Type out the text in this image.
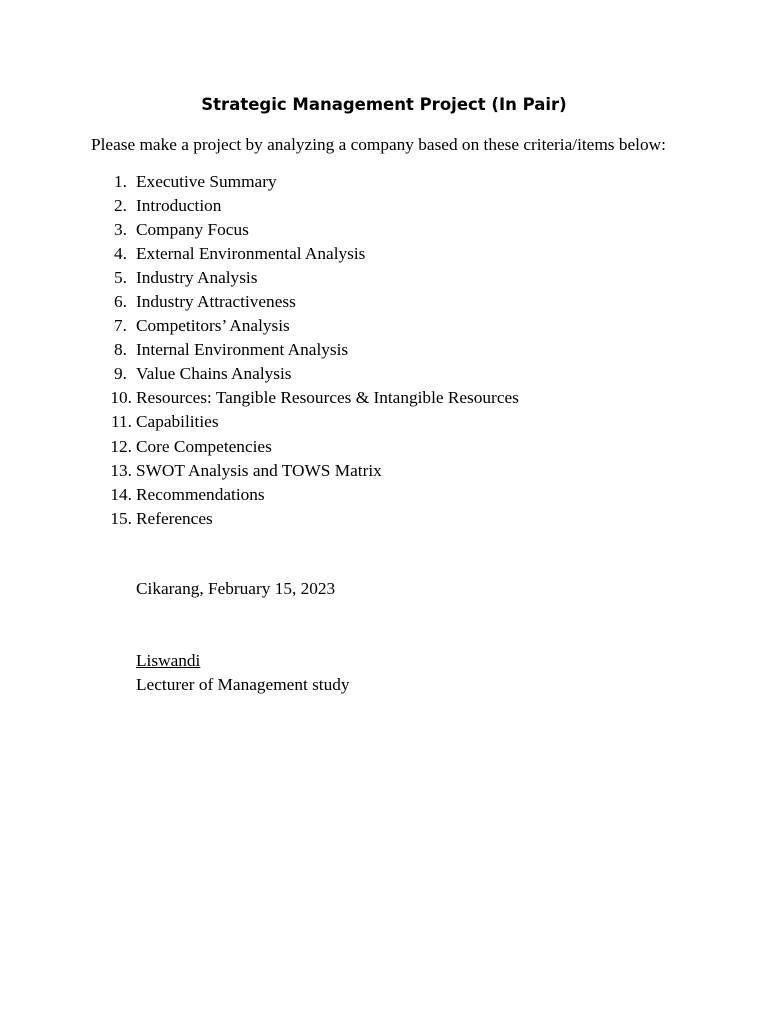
Strategic Management Project (In Pair)
Please make a project by analyzing a company based on these criteria/items below:
1. Executive Summary
2. Introduction
3. Company Focus
4. External Environmental Analysis
5. Industry Analysis
6. Industry Attractiveness
7. Competitors’ Analysis
8. Internal Environment Analysis
9. Value Chains Analysis
10. Resources: Tangible Resources & Intangible Resources
11. Capabilities
12. Core Competencies
13. SWOT Analysis and TOWS Matrix
14. Recommendations
15. References
Cikarang, February 15, 2023
Liswandi
Lecturer of Management study
